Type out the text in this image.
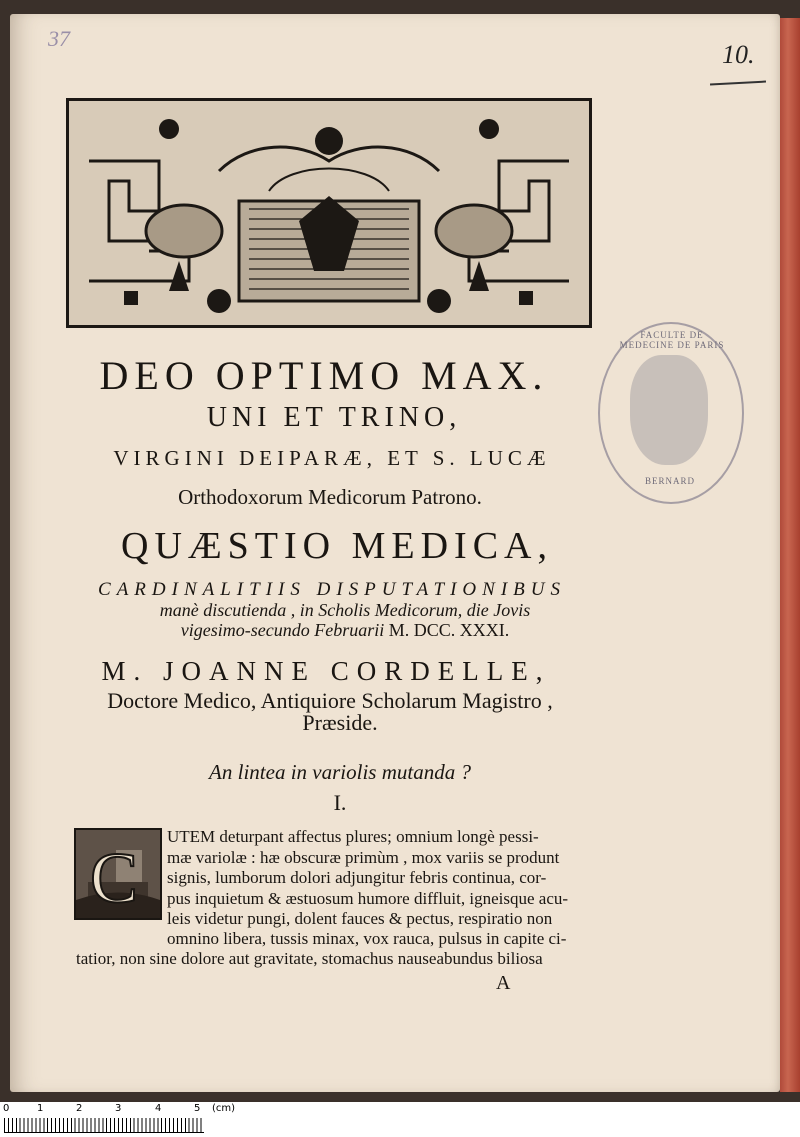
37
10.
FACULTE DE MEDECINE DE PARIS
BERNARD
DEO OPTIMO MAX.
UNI ET TRINO,
VIRGINI DEIPARÆ, ET S. LUCÆ
Orthodoxorum Medicorum Patrono.
QUÆSTIO MEDICA,
CARDINALITIIS DISPUTATIONIBUS
manè discutienda , in Scholis Medicorum, die Jovis
vigesimo-secundo Februarii M. DCC. XXXI.
M. JOANNE CORDELLE,
Doctore Medico, Antiquiore Scholarum Magistro ,
Præside.
An lintea in variolis mutanda ?
I.
C
UTEM deturpant affectus plures; omnium longè pessi-
mæ variolæ : hæ obscuræ primùm , mox variis se produnt
signis, lumborum dolori adjungitur febris continua, cor-
pus inquietum & æstuosum humore diffluit, igneisque acu-
leis videtur pungi, dolent fauces & pectus, respiratio non
omnino libera, tussis minax, vox rauca, pulsus in capite ci-
tatior, non sine dolore aut gravitate, stomachus nauseabundus biliosa
A
0	1	2	3	4	5 (cm)
